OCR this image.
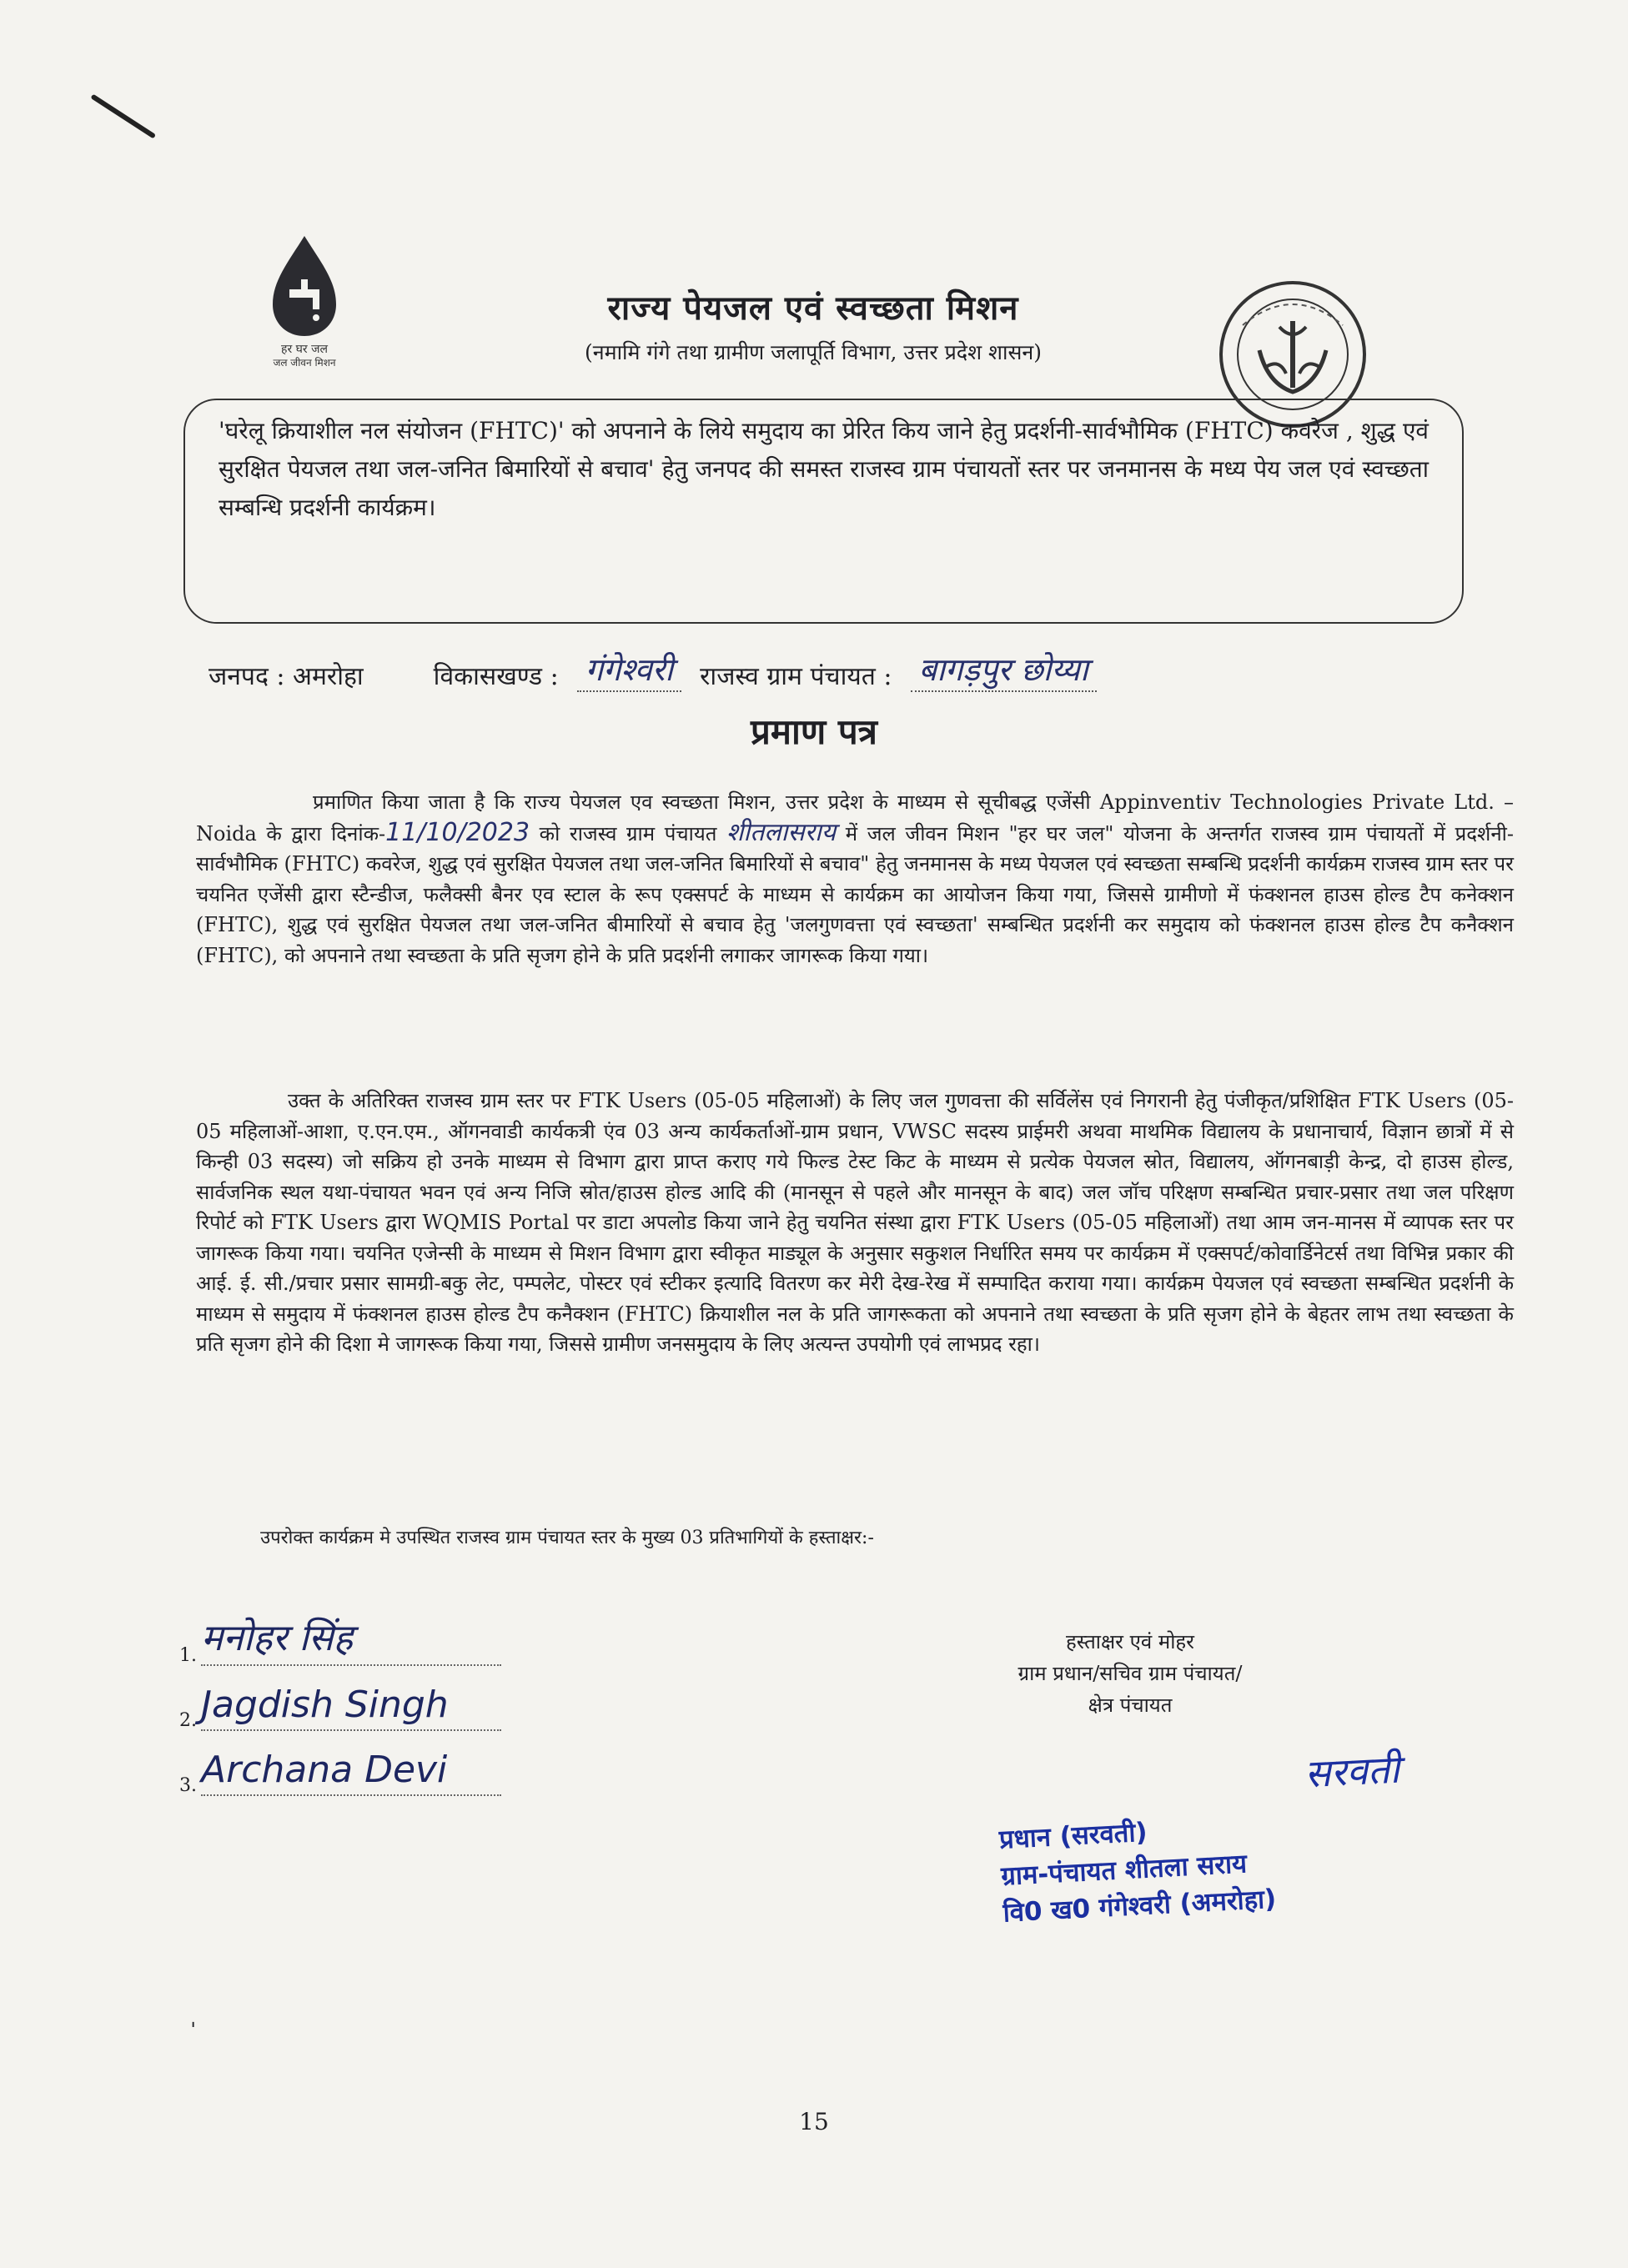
हर घर जल
जल जीवन मिशन
राज्य पेयजल एवं स्वच्छता मिशन
(नमामि गंगे तथा ग्रामीण जलापूर्ति विभाग, उत्तर प्रदेश शासन)
'घरेलू क्रियाशील नल संयोजन (FHTC)' को अपनाने के लिये समुदाय का प्रेरित किय जाने हेतु प्रदर्शनी-सार्वभौमिक (FHTC) कवरेज , शुद्ध एवं सुरक्षित पेयजल तथा जल-जनित बिमारियों से बचाव' हेतु जनपद की समस्त राजस्व ग्राम पंचायतों स्तर पर जनमानस के मध्य पेय जल एवं स्वच्छता सम्बन्धि प्रदर्शनी कार्यक्रम।
जनपद : अमरोहा	विकासखण्ड : गंगेश्वरी	राजस्व ग्राम पंचायत : बागड़पुर छोय्या
प्रमाण पत्र

प्रमाणित किया जाता है कि राज्य पेयजल एव स्वच्छता मिशन, उत्तर प्रदेश के माध्यम से सूचीबद्ध एजेंसी Appinventiv Technologies Private Ltd. – Noida के द्वारा दिनांक-11/10/2023 को राजस्व ग्राम पंचायत शीतलासराय में जल जीवन मिशन "हर घर जल" योजना के अन्तर्गत राजस्व ग्राम पंचायतों में प्रदर्शनी-सार्वभौमिक (FHTC) कवरेज, शुद्ध एवं सुरक्षित पेयजल तथा जल-जनित बिमारियों से बचाव" हेतु जनमानस के मध्य पेयजल एवं स्वच्छता सम्बन्धि प्रदर्शनी कार्यक्रम राजस्व ग्राम स्तर पर चयनित एजेंसी द्वारा स्टैन्डीज, फलैक्सी बैनर एव स्टाल के रूप एक्सपर्ट के माध्यम से कार्यक्रम का आयोजन किया गया, जिससे ग्रामीणो में फंक्शनल हाउस होल्ड टैप कनेक्शन (FHTC), शुद्ध एवं सुरक्षित पेयजल तथा जल-जनित बीमारियों से बचाव हेतु 'जलगुणवत्ता एवं स्वच्छता' सम्बन्धित प्रदर्शनी कर समुदाय को फंक्शनल हाउस होल्ड टैप कनैक्शन (FHTC), को अपनाने तथा स्वच्छता के प्रति सृजग होने के प्रति प्रदर्शनी लगाकर जागरूक किया गया।

उक्त के अतिरिक्त राजस्व ग्राम स्तर पर FTK Users (05-05 महिलाओं) के लिए जल गुणवत्ता की सर्विलेंस एवं निगरानी हेतु पंजीकृत/प्रशिक्षित FTK Users (05-05 महिलाओं-आशा, ए.एन.एम., ऑगनवाडी कार्यकत्री एंव 03 अन्य कार्यकर्ताओं-ग्राम प्रधान, VWSC सदस्य प्राईमरी अथवा माथमिक विद्यालय के प्रधानाचार्य, विज्ञान छात्रों में से किन्ही 03 सदस्य) जो सक्रिय हो उनके माध्यम से विभाग द्वारा प्राप्त कराए गये फिल्ड टेस्ट किट के माध्यम से प्रत्येक पेयजल स्रोत, विद्यालय, ऑगनबाड़ी केन्द्र, दो हाउस होल्ड, सार्वजनिक स्थल यथा-पंचायत भवन एवं अन्य निजि स्रोत/हाउस होल्ड आदि की (मानसून से पहले और मानसून के बाद) जल जॉच परिक्षण सम्बन्धित प्रचार-प्रसार तथा जल परिक्षण रिपोर्ट को FTK Users द्वारा WQMIS Portal पर डाटा अपलोड किया जाने हेतु चयनित संस्था द्वारा FTK Users (05-05 महिलाओं) तथा आम जन-मानस में व्यापक स्तर पर जागरूक किया गया। चयनित एजेन्सी के माध्यम से मिशन विभाग द्वारा स्वीकृत माड्यूल के अनुसार सकुशल निर्धारित समय पर कार्यक्रम में एक्सपर्ट/कोवार्डिनेटर्स तथा विभिन्न प्रकार की आई. ई. सी./प्रचार प्रसार सामग्री-बकु लेट, पम्पलेट, पोस्टर एवं स्टीकर इत्यादि वितरण कर मेरी देख-रेख में सम्पादित कराया गया। कार्यक्रम पेयजल एवं स्वच्छता सम्बन्धित प्रदर्शनी के माध्यम से समुदाय में फंक्शनल हाउस होल्ड टैप कनैक्शन (FHTC) क्रियाशील नल के प्रति जागरूकता को अपनाने तथा स्वच्छता के प्रति सृजग होने के बेहतर लाभ तथा स्वच्छता के प्रति सृजग होने की दिशा मे जागरूक किया गया, जिससे ग्रामीण जनसमुदाय के लिए अत्यन्त उपयोगी एवं लाभप्रद रहा।

उपरोक्त कार्यक्रम मे उपस्थित राजस्व ग्राम पंचायत स्तर के मुख्य 03 प्रतिभागियों के हस्ताक्षर:-
1. मनोहर सिंह
2. Jagdish Singh
3. Archana Devi
हस्ताक्षर एवं मोहर
ग्राम प्रधान/सचिव ग्राम पंचायत/
क्षेत्र पंचायत
सरवती
प्रधान (सरवती)
ग्राम-पंचायत शीतला सराय
वि0 ख0 गंगेश्वरी (अमरोहा)
ˌ
15
